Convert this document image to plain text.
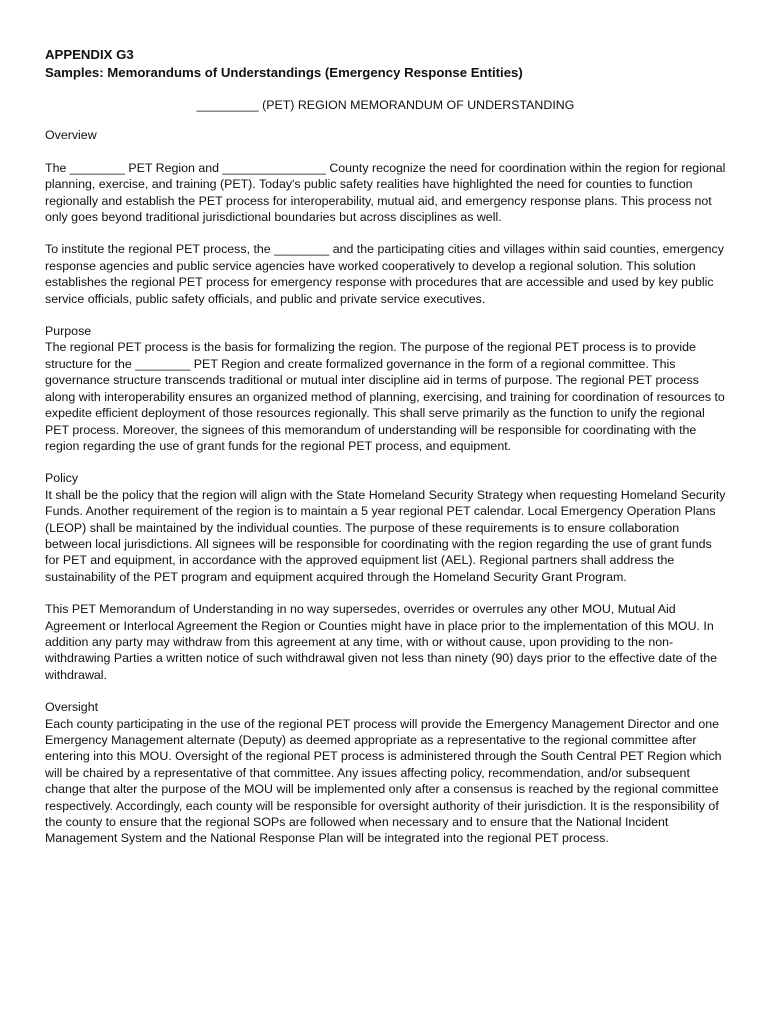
APPENDIX G3
Samples: Memorandums of Understandings (Emergency Response Entities)
_________ (PET) REGION MEMORANDUM OF UNDERSTANDING
Overview

The ________ PET Region and _______________ County recognize the need for coordination within the region for regional planning, exercise, and training (PET). Today's public safety realities have highlighted the need for counties to function regionally and establish the PET process for interoperability, mutual aid, and emergency response plans. This process not only goes beyond traditional jurisdictional boundaries but across disciplines as well.

To institute the regional PET process, the ________ and the participating cities and villages within said counties, emergency response agencies and public service agencies have worked cooperatively to develop a regional solution. This solution establishes the regional PET process for emergency response with procedures that are accessible and used by key public service officials, public safety officials, and public and private service executives.

Purpose

The regional PET process is the basis for formalizing the region. The purpose of the regional PET process is to provide structure for the ________ PET Region and create formalized governance in the form of a regional committee. This governance structure transcends traditional or mutual inter discipline aid in terms of purpose. The regional PET process along with interoperability ensures an organized method of planning, exercising, and training for coordination of resources to expedite efficient deployment of those resources regionally. This shall serve primarily as the function to unify the regional PET process. Moreover, the signees of this memorandum of understanding will be responsible for coordinating with the region regarding the use of grant funds for the regional PET process, and equipment.

Policy

It shall be the policy that the region will align with the State Homeland Security Strategy when requesting Homeland Security Funds. Another requirement of the region is to maintain a 5 year regional PET calendar. Local Emergency Operation Plans (LEOP) shall be maintained by the individual counties. The purpose of these requirements is to ensure collaboration between local jurisdictions. All signees will be responsible for coordinating with the region regarding the use of grant funds for PET and equipment, in accordance with the approved equipment list (AEL). Regional partners shall address the sustainability of the PET program and equipment acquired through the Homeland Security Grant Program.

This PET Memorandum of Understanding in no way supersedes, overrides or overrules any other MOU, Mutual Aid Agreement or Interlocal Agreement the Region or Counties might have in place prior to the implementation of this MOU. In addition any party may withdraw from this agreement at any time, with or without cause, upon providing to the non-withdrawing Parties a written notice of such withdrawal given not less than ninety (90) days prior to the effective date of the withdrawal.

Oversight

Each county participating in the use of the regional PET process will provide the Emergency Management Director and one Emergency Management alternate (Deputy) as deemed appropriate as a representative to the regional committee after entering into this MOU. Oversight of the regional PET process is administered through the South Central PET Region which will be chaired by a representative of that committee. Any issues affecting policy, recommendation, and/or subsequent change that alter the purpose of the MOU will be implemented only after a consensus is reached by the regional committee respectively. Accordingly, each county will be responsible for oversight authority of their jurisdiction. It is the responsibility of the county to ensure that the regional SOPs are followed when necessary and to ensure that the National Incident Management System and the National Response Plan will be integrated into the regional PET process.
